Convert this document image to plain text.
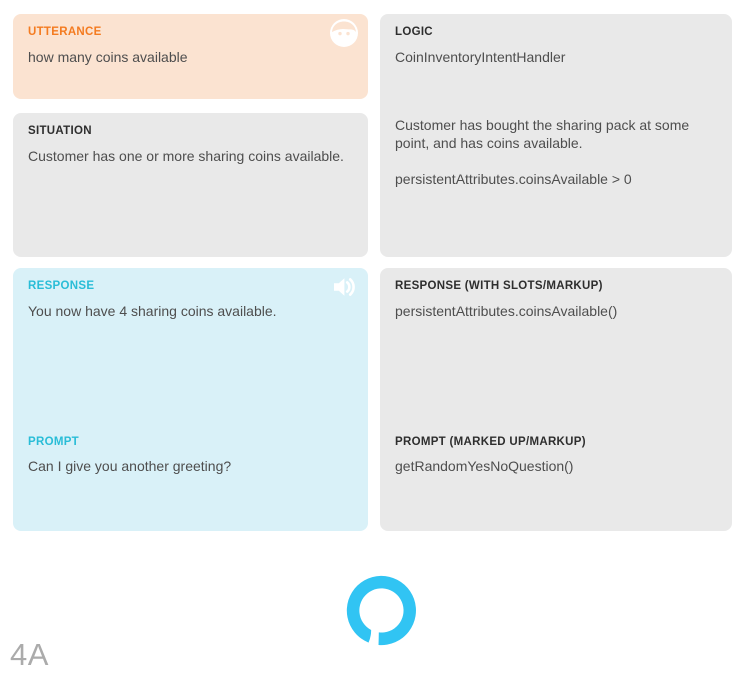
UTTERANCE
how many coins available
SITUATION
Customer has one or more sharing coins available.
LOGIC
CoinInventoryIntentHandler
Customer has bought the sharing pack at some point, and has coins available.
persistentAttributes.coinsAvailable > 0
RESPONSE
You now have 4 sharing coins available.
PROMPT
Can I give you another greeting?
RESPONSE (WITH SLOTS/MARKUP)
persistentAttributes.coinsAvailable()
PROMPT (MARKED UP/MARKUP)
getRandomYesNoQuestion()
4A
